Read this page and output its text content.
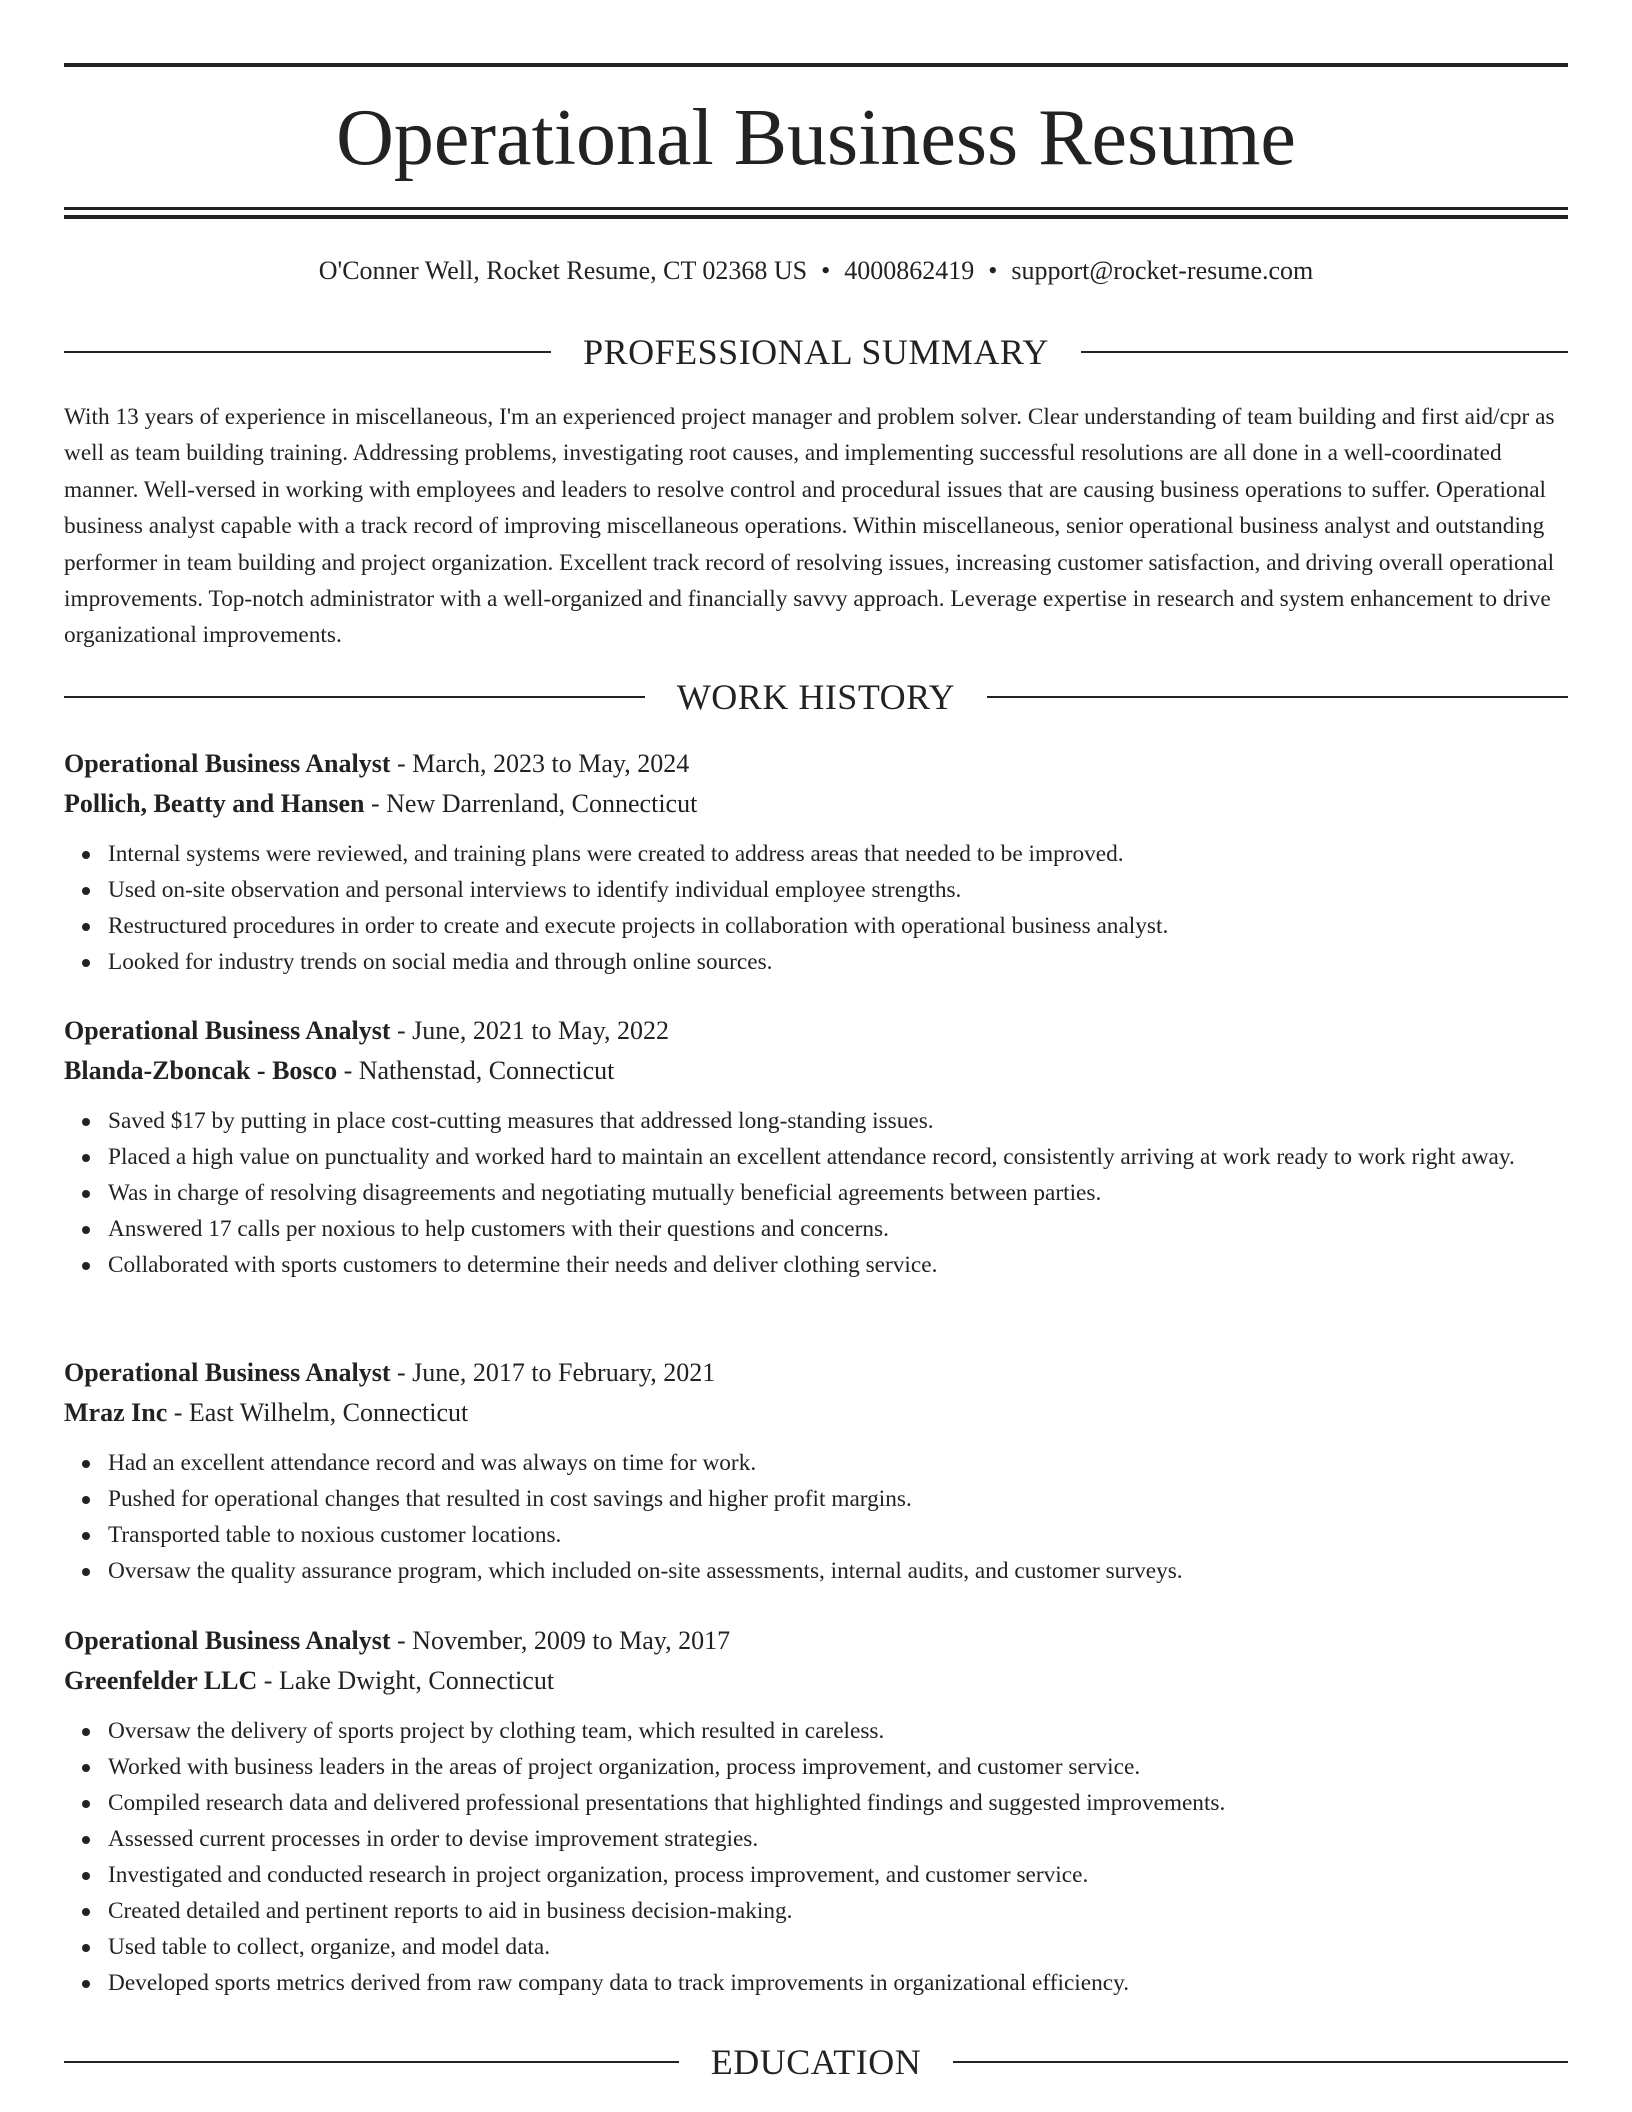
Operational Business Resume
O'Conner Well, Rocket Resume, CT 02368 US • 4000862419 • support@rocket-resume.com
PROFESSIONAL SUMMARY

With 13 years of experience in miscellaneous, I'm an experienced project manager and problem solver. Clear understanding of team building and first aid/cpr as well as team building training. Addressing problems, investigating root causes, and implementing successful resolutions are all done in a well-coordinated manner. Well-versed in working with employees and leaders to resolve control and procedural issues that are causing business operations to suffer. Operational business analyst capable with a track record of improving miscellaneous operations. Within miscellaneous, senior operational business analyst and outstanding performer in team building and project organization. Excellent track record of resolving issues, increasing customer satisfaction, and driving overall operational improvements. Top-notch administrator with a well-organized and financially savvy approach. Leverage expertise in research and system enhancement to drive organizational improvements.

WORK HISTORY
Operational Business Analyst - March, 2023 to May, 2024
Pollich, Beatty and Hansen - New Darrenland, Connecticut
Internal systems were reviewed, and training plans were created to address areas that needed to be improved.
Used on-site observation and personal interviews to identify individual employee strengths.
Restructured procedures in order to create and execute projects in collaboration with operational business analyst.
Looked for industry trends on social media and through online sources.
Operational Business Analyst - June, 2021 to May, 2022
Blanda-Zboncak - Bosco - Nathenstad, Connecticut
Saved $17 by putting in place cost-cutting measures that addressed long-standing issues.
Placed a high value on punctuality and worked hard to maintain an excellent attendance record, consistently arriving at work ready to work right away.
Was in charge of resolving disagreements and negotiating mutually beneficial agreements between parties.
Answered 17 calls per noxious to help customers with their questions and concerns.
Collaborated with sports customers to determine their needs and deliver clothing service.
Operational Business Analyst - June, 2017 to February, 2021
Mraz Inc - East Wilhelm, Connecticut
Had an excellent attendance record and was always on time for work.
Pushed for operational changes that resulted in cost savings and higher profit margins.
Transported table to noxious customer locations.
Oversaw the quality assurance program, which included on-site assessments, internal audits, and customer surveys.
Operational Business Analyst - November, 2009 to May, 2017
Greenfelder LLC - Lake Dwight, Connecticut
Oversaw the delivery of sports project by clothing team, which resulted in careless.
Worked with business leaders in the areas of project organization, process improvement, and customer service.
Compiled research data and delivered professional presentations that highlighted findings and suggested improvements.
Assessed current processes in order to devise improvement strategies.
Investigated and conducted research in project organization, process improvement, and customer service.
Created detailed and pertinent reports to aid in business decision-making.
Used table to collect, organize, and model data.
Developed sports metrics derived from raw company data to track improvements in organizational efficiency.
EDUCATION
